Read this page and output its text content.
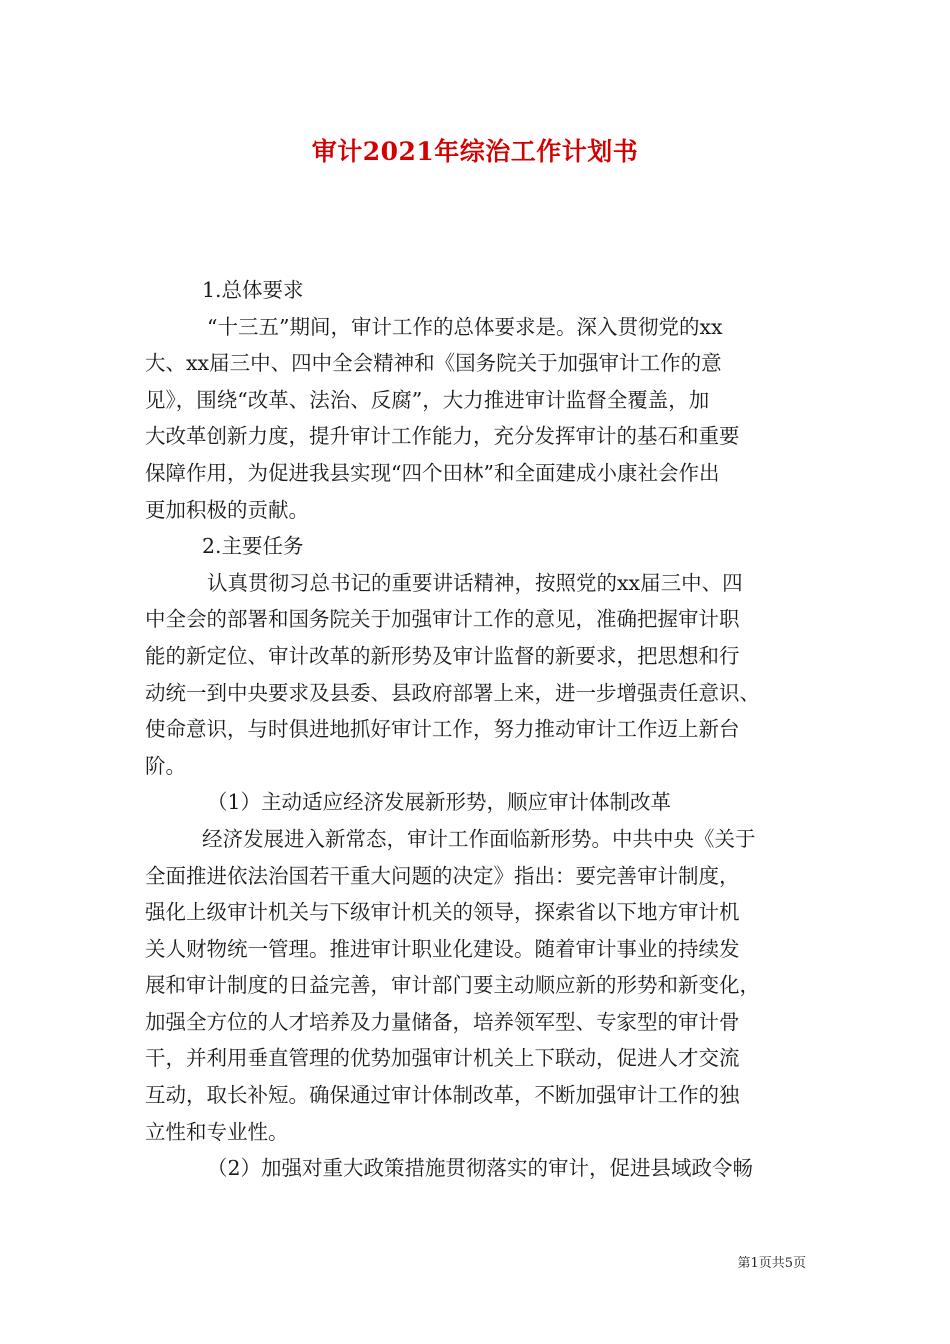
审计2021年综治工作计划书
1.总体要求
“十三五”期间，审计工作的总体要求是。深入贯彻党的xx
大、xx届三中、四中全会精神和《国务院关于加强审计工作的意
见》，围绕“改革、法治、反腐”，大力推进审计监督全覆盖，加
大改革创新力度，提升审计工作能力，充分发挥审计的基石和重要
保障作用，为促进我县实现“四个田林”和全面建成小康社会作出
更加积极的贡献。
2.主要任务
认真贯彻习总书记的重要讲话精神，按照党的xx届三中、四
中全会的部署和国务院关于加强审计工作的意见，准确把握审计职
能的新定位、审计改革的新形势及审计监督的新要求，把思想和行
动统一到中央要求及县委、县政府部署上来，进一步增强责任意识、
使命意识，与时俱进地抓好审计工作，努力推动审计工作迈上新台
阶。
（1）主动适应经济发展新形势，顺应审计体制改革
经济发展进入新常态，审计工作面临新形势。中共中央《关于
全面推进依法治国若干重大问题的决定》指出：要完善审计制度，
强化上级审计机关与下级审计机关的领导，探索省以下地方审计机
关人财物统一管理。推进审计职业化建设。随着审计事业的持续发
展和审计制度的日益完善，审计部门要主动顺应新的形势和新变化，
加强全方位的人才培养及力量储备，培养领军型、专家型的审计骨
干，并利用垂直管理的优势加强审计机关上下联动，促进人才交流
互动，取长补短。确保通过审计体制改革，不断加强审计工作的独
立性和专业性。
（2）加强对重大政策措施贯彻落实的审计，促进县域政令畅
第1页共5页
